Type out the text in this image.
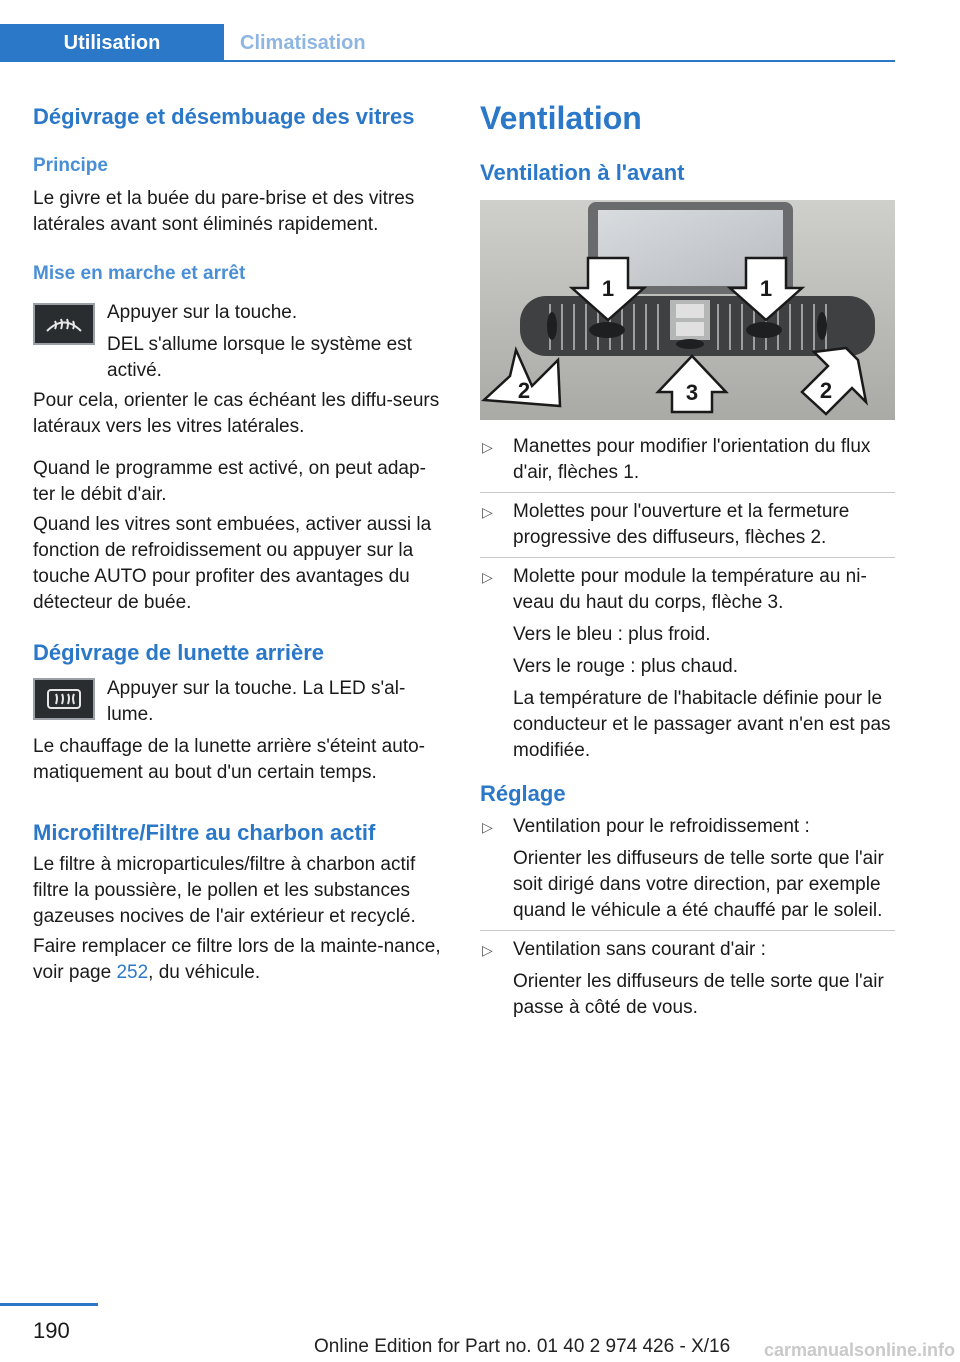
Utilisation	Climatisation
Dégivrage et désembuage des vitres
Principe
Le givre et la buée du pare-brise et des vitres latérales avant sont éliminés rapidement.
Mise en marche et arrêt
Appuyer sur la touche.
DEL s'allume lorsque le système est activé.
Pour cela, orienter le cas échéant les diffu-seurs latéraux vers les vitres latérales.
Quand le programme est activé, on peut adap-ter le débit d'air.
Quand les vitres sont embuées, activer aussi la fonction de refroidissement ou appuyer sur la touche AUTO pour profiter des avantages du détecteur de buée.
Dégivrage de lunette arrière
Appuyer sur la touche. La LED s'al-lume.
Le chauffage de la lunette arrière s'éteint auto-matiquement au bout d'un certain temps.
Microfiltre/Filtre au charbon actif
Le filtre à microparticules/filtre à charbon actif filtre la poussière, le pollen et les substances gazeuses nocives de l'air extérieur et recyclé.
Faire remplacer ce filtre lors de la mainte-nance, voir page 252, du véhicule.
Ventilation
Ventilation à l'avant
1	1
2	3	2
▷ Manettes pour modifier l'orientation du flux d'air, flèches 1.
▷ Molettes pour l'ouverture et la fermeture progressive des diffuseurs, flèches 2.
▷ Molette pour module la température au ni-veau du haut du corps, flèche 3.
Vers le bleu : plus froid.
Vers le rouge : plus chaud.
La température de l'habitacle définie pour le conducteur et le passager avant n'en est pas modifiée.
Réglage
▷ Ventilation pour le refroidissement :
Orienter les diffuseurs de telle sorte que l'air soit dirigé dans votre direction, par exemple quand le véhicule a été chauffé par le soleil.
▷ Ventilation sans courant d'air :
Orienter les diffuseurs de telle sorte que l'air passe à côté de vous.
190
Online Edition for Part no. 01 40 2 974 426 - X/16 carmanualsonline.info
